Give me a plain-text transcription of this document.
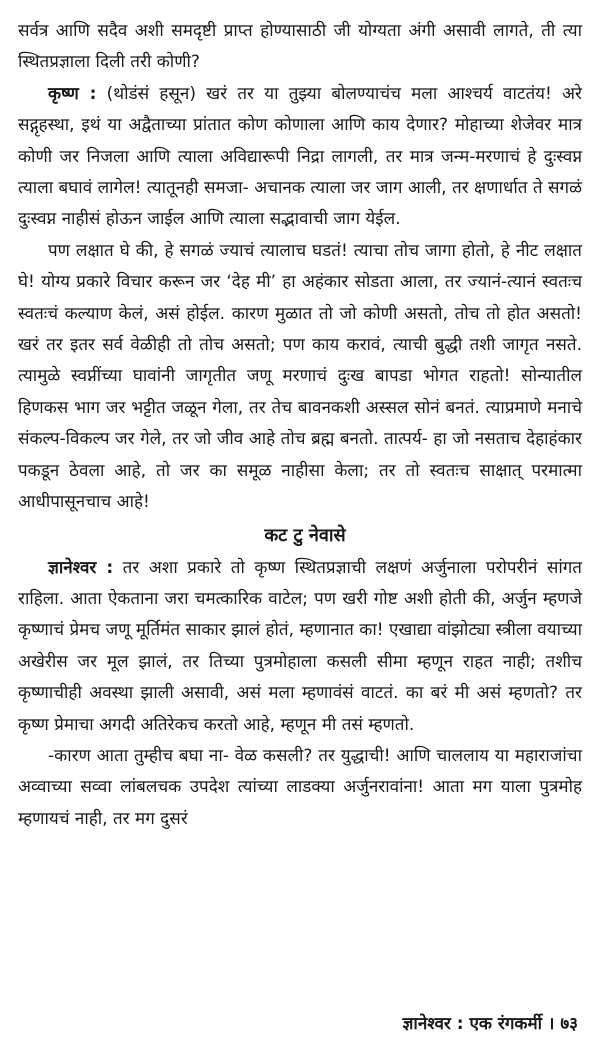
सर्वत्र आणि सदैव अशी समदृष्टी प्राप्त होण्यासाठी जी योग्यता अंगी असावी लागते, ती त्या स्थितप्रज्ञाला दिली तरी कोणी?

कृष्ण : (थोडंसं हसून) खरं तर या तुझ्या बोलण्याचंच मला आश्चर्य वाटतंय! अरे सद्गृहस्था, इथं या अद्वैताच्या प्रांतात कोण कोणाला आणि काय देणार? मोहाच्या शेजेवर मात्र कोणी जर निजला आणि त्याला अविद्यारूपी निद्रा लागली, तर मात्र जन्म-मरणाचं हे दुःस्वप्न त्याला बघावं लागेल! त्यातूनही समजा- अचानक त्याला जर जाग आली, तर क्षणार्धात ते सगळं दुःस्वप्न नाहीसं होऊन जाईल आणि त्याला सद्भावाची जाग येईल.

पण लक्षात घे की, हे सगळं ज्याचं त्यालाच घडतं! त्याचा तोच जागा होतो, हे नीट लक्षात घे! योग्य प्रकारे विचार करून जर ‘देह मी’ हा अहंकार सोडता आला, तर ज्यानं-त्यानं स्वतःच स्वतःचं कल्याण केलं, असं होईल. कारण मुळात तो जो कोणी असतो, तोच तो होत असतो! खरं तर इतर सर्व वेळीही तो तोच असतो; पण काय करावं, त्याची बुद्धी तशी जागृत नसते. त्यामुळे स्वप्नींच्या घावांनी जागृतीत जणू मरणाचं दुःख बापडा भोगत राहतो! सोन्यातील हिणकस भाग जर भट्टीत जळून गेला, तर तेच बावनकशी अस्सल सोनं बनतं. त्याप्रमाणे मनाचे संकल्प-विकल्प जर गेले, तर जो जीव आहे तोच ब्रह्म बनतो. तात्पर्य- हा जो नसताच देहाहंकार पकडून ठेवला आहे, तो जर का समूळ नाहीसा केला; तर तो स्वतःच साक्षात् परमात्मा आधीपासूनचाच आहे!

कट टु नेवासे

ज्ञानेश्वर : तर अशा प्रकारे तो कृष्ण स्थितप्रज्ञाची लक्षणं अर्जुनाला परोपरीनं सांगत राहिला. आता ऐकताना जरा चमत्कारिक वाटेल; पण खरी गोष्ट अशी होती की, अर्जुन म्हणजे कृष्णाचं प्रेमच जणू मूर्तिमंत साकार झालं होतं, म्हणानात का! एखाद्या वांझोट्या स्त्रीला वयाच्या अखेरीस जर मूल झालं, तर तिच्या पुत्रमोहाला कसली सीमा म्हणून राहत नाही; तशीच कृष्णाचीही अवस्था झाली असावी, असं मला म्हणावंसं वाटतं. का बरं मी असं म्हणतो? तर कृष्ण प्रेमाचा अगदी अतिरेकच करतो आहे, म्हणून मी तसं म्हणतो.

-कारण आता तुम्हीच बघा ना- वेळ कसली? तर युद्धाची! आणि चाललाय या महाराजांचा अव्वाच्या सव्वा लांबलचक उपदेश त्यांच्या लाडक्या अर्जुनरावांना! आता मग याला पुत्रमोह म्हणायचं नाही, तर मग दुसरं

ज्ञानेश्वर : एक रंगकर्मी । ७३
